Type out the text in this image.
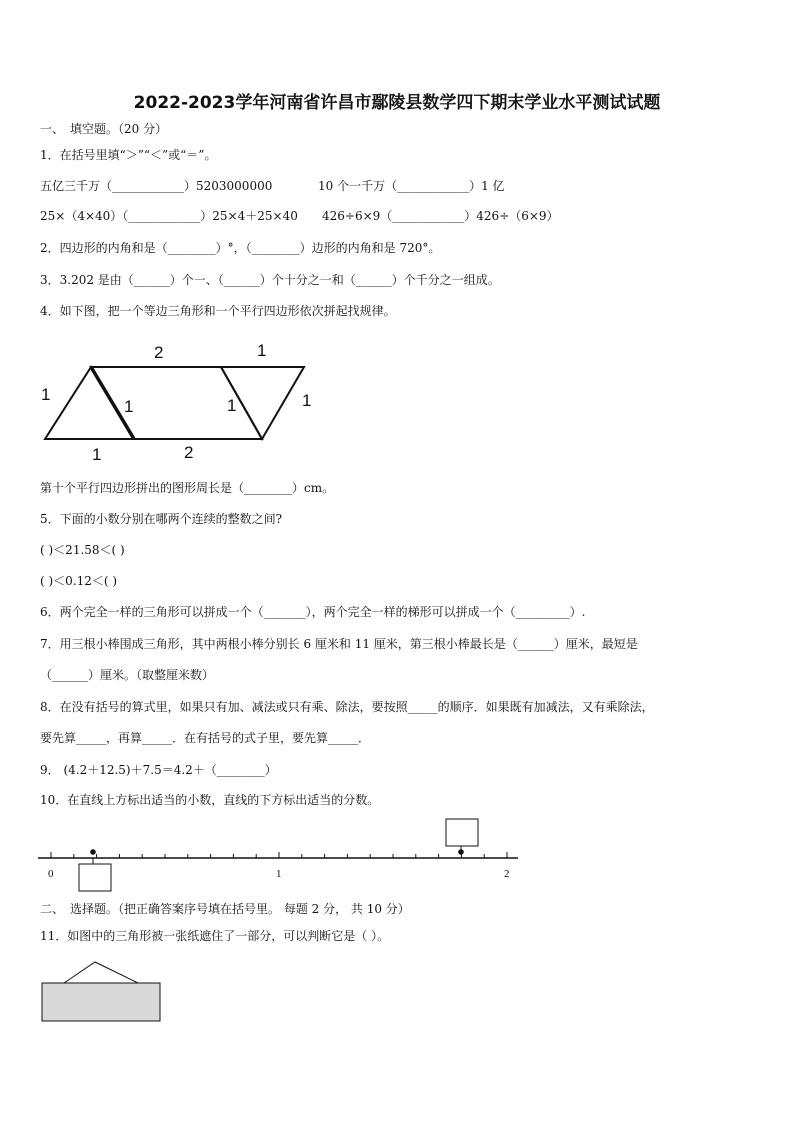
2022-2023学年河南省许昌市鄢陵县数学四下期末学业水平测试试题
一、　填空题。（20 分）
1．在括号里填“＞”“＜”或“＝”。
五亿三千万（____________）5203000000	10 个一千万（____________）1 亿
25×（4×40）（____________）25×4＋25×40 426÷6×9（____________）426÷（6×9）
2．四边形的内角和是（________）°，（________）边形的内角和是 720°。
3．3.202 是由（______）个一、（______）个十分之一和（______）个千分之一组成。
4．如下图，把一个等边三角形和一个平行四边形依次拼起找规律。
2	1
1
1	1	1
1	2
0	1	2
第十个平行四边形拼出的图形周长是（________）cm。
5．下面的小数分别在哪两个连续的整数之间?
( )＜21.58＜( )
( )＜0.12＜( )
6．两个完全一样的三角形可以拼成一个（_______），两个完全一样的梯形可以拼成一个（_________）.
7．用三根小棒围成三角形，其中两根小棒分别长 6 厘米和 11 厘米，第三根小棒最长是（______）厘米，最短是
（______）厘米。（取整厘米数）
8．在没有括号的算式里，如果只有加、减法或只有乘、除法，要按照_____的顺序．如果既有加减法，又有乘除法，
要先算_____，再算_____．在有括号的式子里，要先算_____．
9． (4.2＋12.5)＋7.5＝4.2＋（________）
10．在直线上方标出适当的小数，直线的下方标出适当的分数。
二、　选择题。（把正确答案序号填在括号里。 每题 2 分， 共 10 分）
11．如图中的三角形被一张纸遮住了一部分，可以判断它是（ ）。
